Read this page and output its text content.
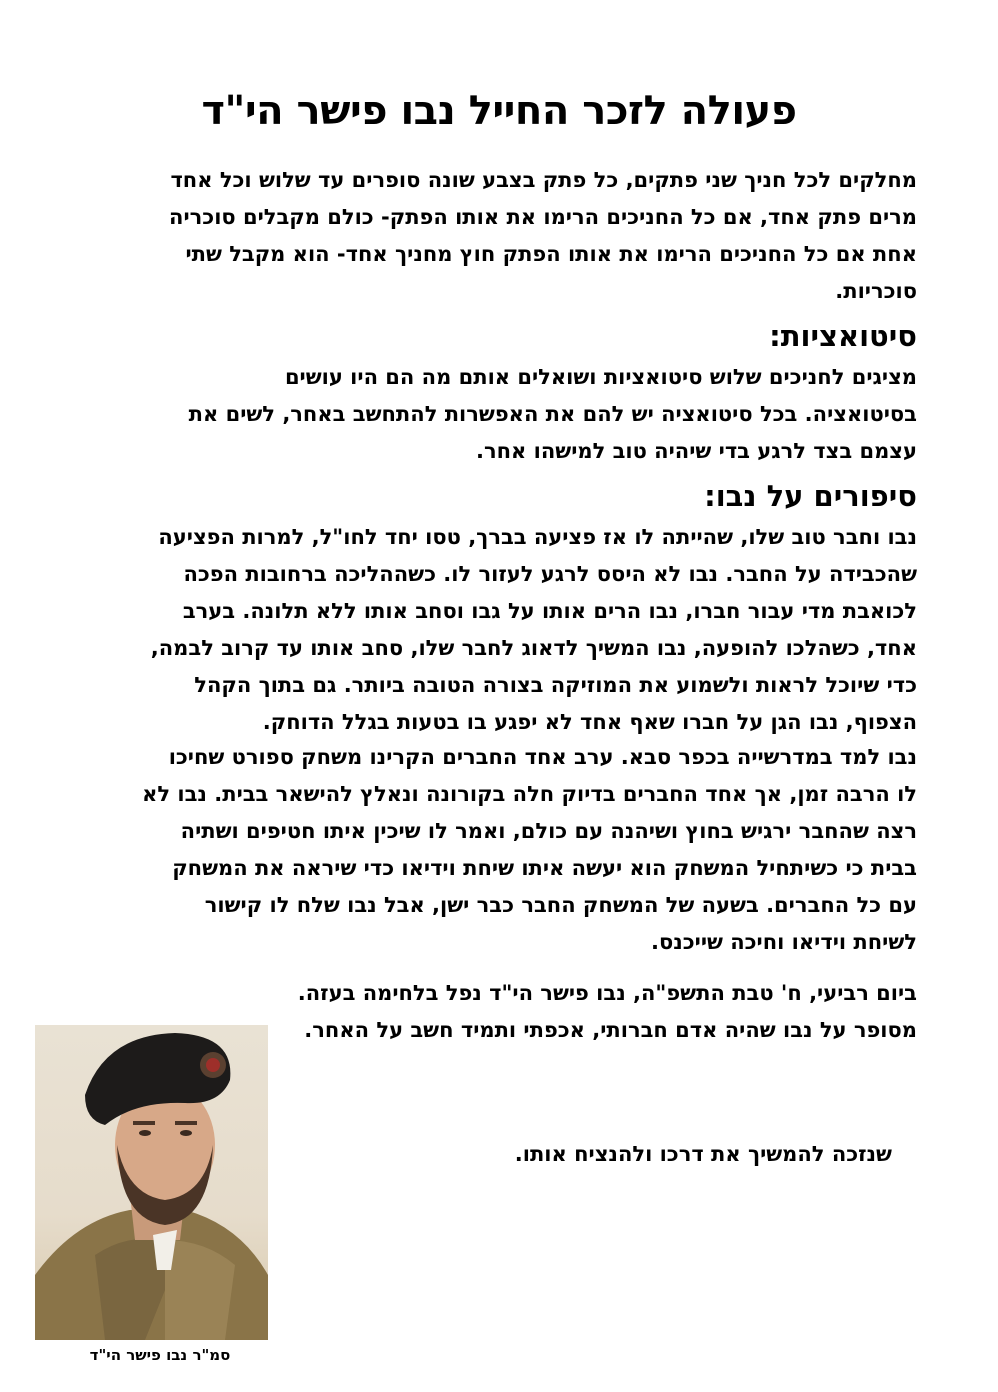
פעולה לזכר החייל נבו פישר הי"ד
מחלקים לכל חניך שני פתקים, כל פתק בצבע שונה סופרים עד שלוש וכל אחד
מרים פתק אחד, אם כל החניכים הרימו את אותו הפתק- כולם מקבלים סוכריה
אחת אם כל החניכים הרימו את אותו הפתק חוץ מחניך אחד- הוא מקבל שתי
סוכריות.
סיטואציות:
מציגים לחניכים שלוש סיטואציות ושואלים אותם מה הם היו עושים
בסיטואציה. בכל סיטואציה יש להם את האפשרות להתחשב באחר, לשים את
עצמם בצד לרגע בדי שיהיה טוב למישהו אחר.
סיפורים על נבו:
נבו וחבר טוב שלו, שהייתה לו אז פציעה בברך, טסו יחד לחו"ל, למרות הפציעה
שהכבידה על החבר. נבו לא היסס לרגע לעזור לו. כשההליכה ברחובות הפכה
לכואבת מדי עבור חברו, נבו הרים אותו על גבו וסחב אותו ללא תלונה. בערב
אחד, כשהלכו להופעה, נבו המשיך לדאוג לחבר שלו, סחב אותו עד קרוב לבמה,
כדי שיוכל לראות ולשמוע את המוזיקה בצורה הטובה ביותר. גם בתוך הקהל
הצפוף, נבו הגן על חברו שאף אחד לא יפגע בו בטעות בגלל הדוחק.
נבו למד במדרשייה בכפר סבא. ערב אחד החברים הקרינו משחק ספורט שחיכו
לו הרבה זמן, אך אחד החברים בדיוק חלה בקורונה ונאלץ להישאר בבית. נבו לא
רצה שהחבר ירגיש בחוץ ושיהנה עם כולם, ואמר לו שיכין איתו חטיפים ושתיה
בבית כי כשיתחיל המשחק הוא יעשה איתו שיחת וידיאו כדי שיראה את המשחק
עם כל החברים. בשעה של המשחק החבר כבר ישן, אבל נבו שלח לו קישור
לשיחת וידיאו וחיכה שייכנס.
ביום רביעי, ח' טבת התשפ"ה, נבו פישר הי"ד נפל בלחימה בעזה.
מסופר על נבו שהיה אדם חברותי, אכפתי ותמיד חשב על האחר.
שנזכה להמשיך את דרכו ולהנציח אותו.
סמ"ר נבו פישר הי"ד
